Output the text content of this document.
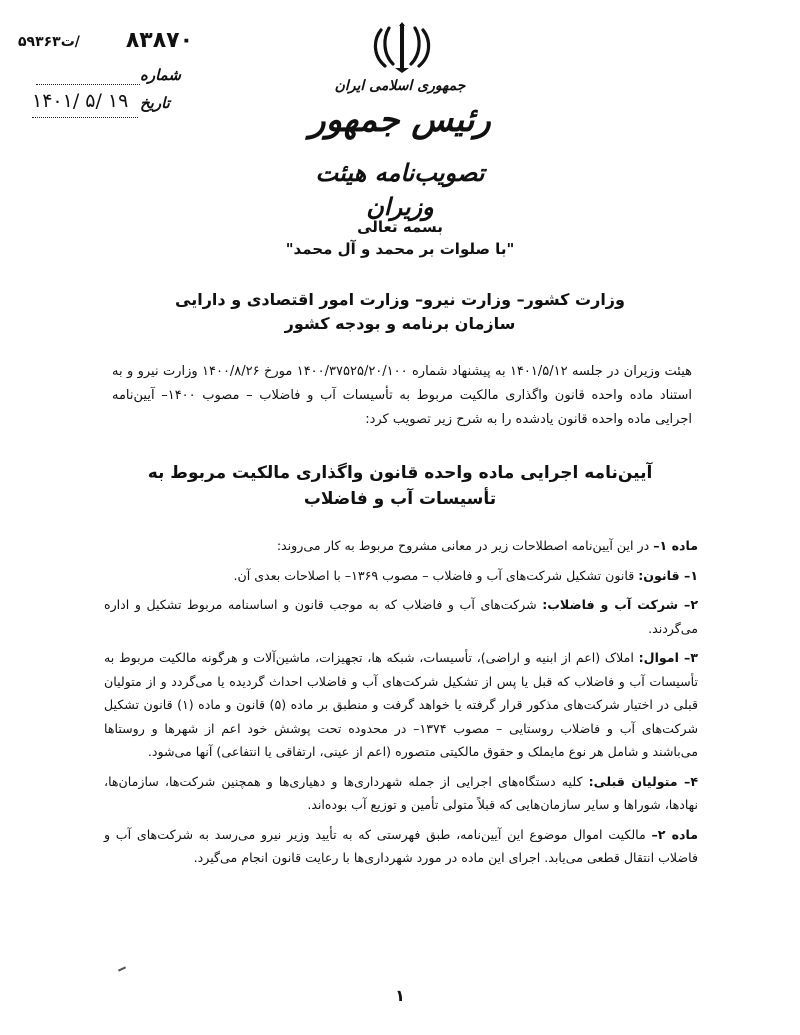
۸۳۸۷۰
/ت۵۹۳۶۳
شماره
تاریخ
۱۴۰۱/ ۵/ ۱۹
جمهوری اسلامی ایران
رئیس جمهور
تصویب‌نامه هیئت وزیران
بسمه تعالی
"با صلوات بر محمد و آل محمد"
وزارت کشور– وزارت نیرو– وزارت امور اقتصادی و دارایی
سازمان برنامه و بودجه کشور
هیئت وزیران در جلسه ۱۴۰۱/۵/۱۲ به پیشنهاد شماره ۱۴۰۰/۳۷۵۲۵/۲۰/۱۰۰ مورخ ۱۴۰۰/۸/۲۶ وزارت نیرو و به استناد ماده واحده قانون واگذاری مالکیت مربوط به تأسیسات آب و فاضلاب – مصوب ۱۴۰۰– آیین‌نامه اجرایی ماده واحده قانون یادشده را به شرح زیر تصویب کرد:
آیین‌نامه اجرایی ماده واحده قانون واگذاری مالکیت مربوط به
تأسیسات آب و فاضلاب

ماده ۱– در این آیین‌نامه اصطلاحات زیر در معانی مشروح مربوط به کار می‌روند:

۱– قانون: قانون تشکیل شرکت‌های آب و فاضلاب – مصوب ۱۳۶۹– با اصلاحات بعدی آن.

۲– شرکت آب و فاضلاب: شرکت‌های آب و فاضلاب که به موجب قانون و اساسنامه مربوط تشکیل و اداره می‌گردند.

۳– اموال: املاک (اعم از ابنیه و اراضی)، تأسیسات، شبکه ها، تجهیزات، ماشین‌آلات و هرگونه مالکیت مربوط به تأسیسات آب و فاضلاب که قبل یا پس از تشکیل شرکت‌های آب و فاضلاب احداث گردیده یا می‌گردد و از متولیان قبلی در اختیار شرکت‌های مذکور قرار گرفته یا خواهد گرفت و منطبق بر ماده (۵) قانون و ماده (۱) قانون تشکیل شرکت‌های آب و فاضلاب روستایی – مصوب ۱۳۷۴– در محدوده تحت پوشش خود اعم از شهرها و روستاها می‌باشند و شامل هر نوع مایملک و حقوق مالکیتی متصوره (اعم از عینی، ارتفاقی یا انتفاعی) آنها می‌شود.

۴– متولیان قبلی: کلیه دستگاه‌های اجرایی از جمله شهرداری‌ها و دهیاری‌ها و همچنین شرکت‌ها، سازمان‌ها، نهادها، شوراها و سایر سازمان‌هایی که قبلاً متولی تأمین و توزیع آب بوده‌اند.

ماده ۲– مالکیت اموال موضوع این آیین‌نامه، طبق فهرستی که به تأیید وزیر نیرو می‌رسد به شرکت‌های آب و فاضلاب انتقال قطعی می‌یابد. اجرای این ماده در مورد شهرداری‌ها با رعایت قانون انجام می‌گیرد.

۱
